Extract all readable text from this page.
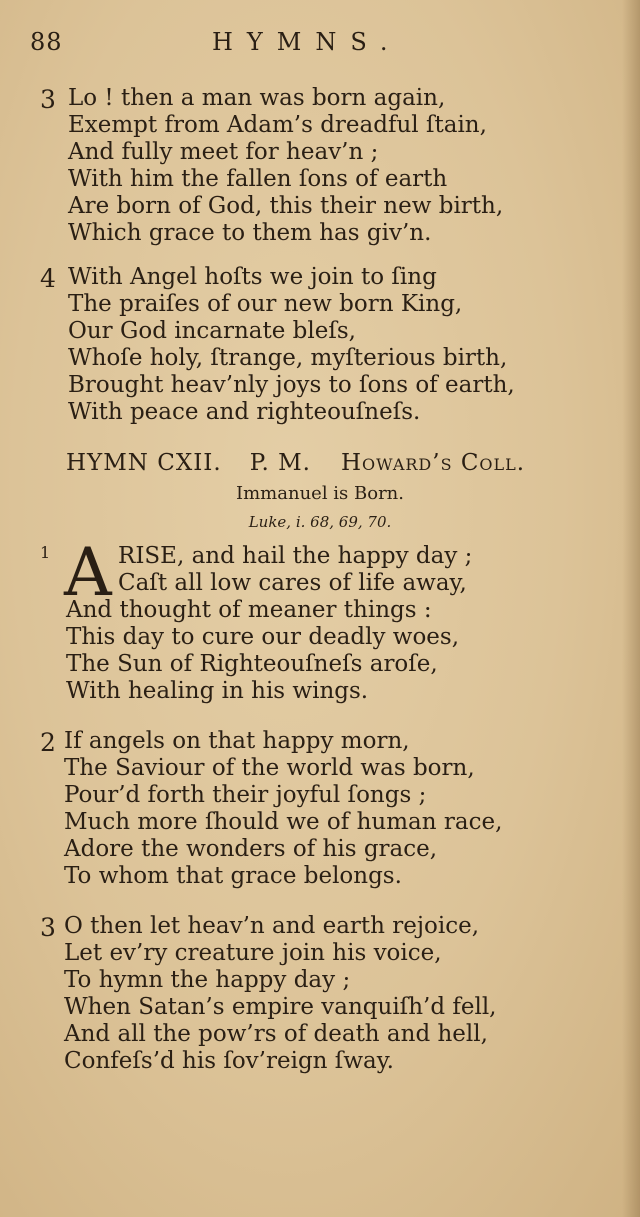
88	HYMNS.
3 Lo ! then a man was born again,
Exempt from Adam’s dreadful ſtain,
And fully meet for heav’n ;
With him the fallen ſons of earth
Are born of God, this their new birth,
Which grace to them has giv’n.
4 With Angel hoſts we join to ſing
The praiſes of our new born King,
Our God incarnate bleſs,
Whoſe holy, ſtrange, myſterious birth,
Brought heav’nly joys to ſons of earth,
With peace and righteouſneſs.
HYMN CXII. P. M. Howard’s Coll.
Immanuel is Born.
Luke, i. 68, 69, 70.
1 A RISE, and hail the happy day ;
Caſt all low cares of life away,
And thought of meaner things :
This day to cure our deadly woes,
The Sun of Righteouſneſs aroſe,
With healing in his wings.
2 If angels on that happy morn,
The Saviour of the world was born,
Pour’d forth their joyful ſongs ;
Much more ſhould we of human race,
Adore the wonders of his grace,
To whom that grace belongs.
3 O then let heav’n and earth rejoice,
Let ev’ry creature join his voice,
To hymn the happy day ;
When Satan’s empire vanquiſh’d fell,
And all the pow’rs of death and hell,
Confeſs’d his ſov’reign ſway.
